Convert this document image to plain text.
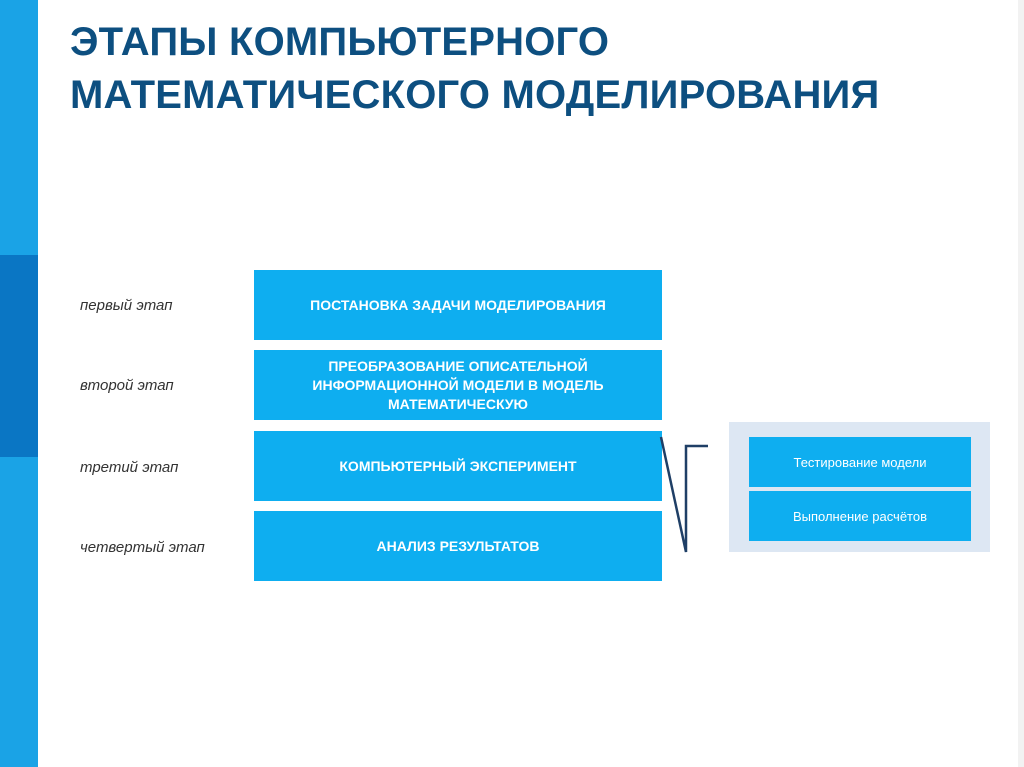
ЭТАПЫ КОМПЬЮТЕРНОГО
МАТЕМАТИЧЕСКОГО МОДЕЛИРОВАНИЯ
первый этап
второй этап
третий этап
четвертый этап
ПОСТАНОВКА ЗАДАЧИ МОДЕЛИРОВАНИЯ
ПРЕОБРАЗОВАНИЕ ОПИСАТЕЛЬНОЙ ИНФОРМАЦИОННОЙ МОДЕЛИ В МОДЕЛЬ МАТЕМАТИЧЕСКУЮ
КОМПЬЮТЕРНЫЙ ЭКСПЕРИМЕНТ
АНАЛИЗ РЕЗУЛЬТАТОВ
Тестирование модели
Выполнение расчётов
